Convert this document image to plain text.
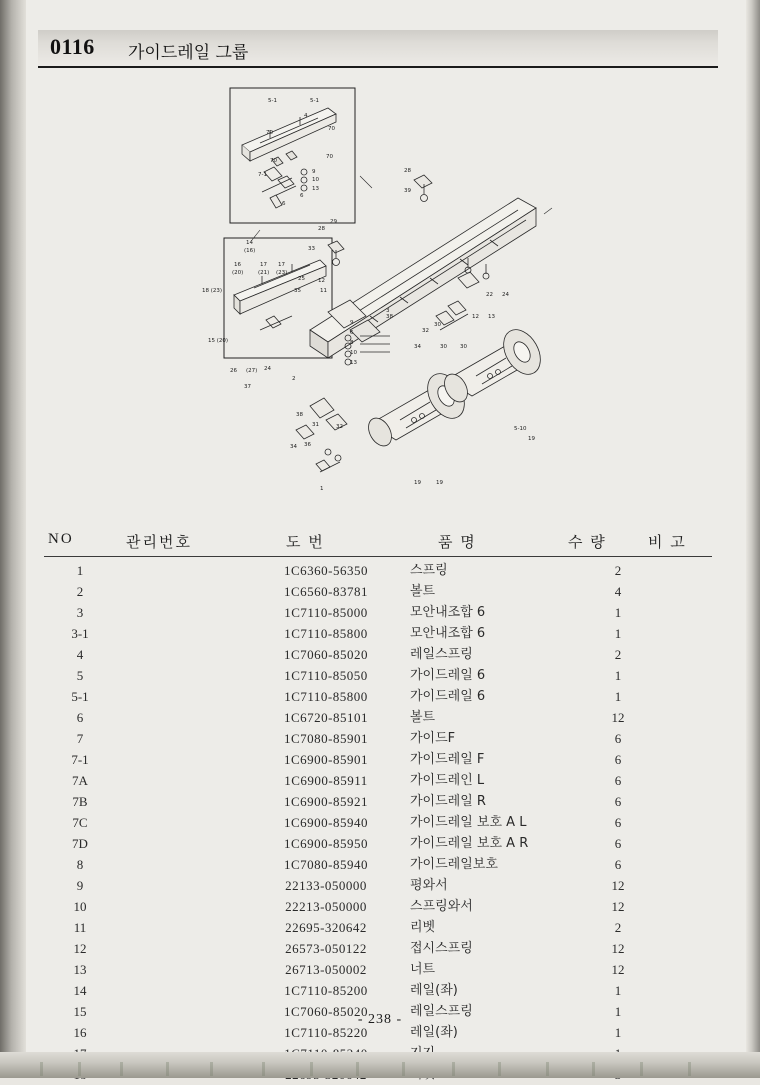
0116 가이드레일 그룹
5-1	5-1
4
70
70
70
70
7-1
6
9
10
13
6
28
39
28
33
29
14
(16)
16	17
(20)	(21)
17
(23)
18 (23)
15 (20)
12
11
25
35
3
9
6
8
10
13
26 (27) 24
37
2
38
30
34	30 30
32
12 13
22 24
38
31	32
34 36
5-10
19
19	19
1
NO	관리번호	도 번	품 명	수 량	비 고
1		1C6360-56350	스프링	2	
2		1C6560-83781	볼트	4	
3		1C7110-85000	모안내조합 6	1	
3-1		1C7110-85800	모안내조합 6	1	
4		1C7060-85020	레일스프링	2	
5		1C7110-85050	가이드레일 6	1	
5-1		1C7110-85800	가이드레일 6	1	
6		1C6720-85101	볼트	12	
7		1C7080-85901	가이드F	6	
7-1		1C6900-85901	가이드레일 F	6	
7A		1C6900-85911	가이드레인 L	6	
7B		1C6900-85921	가이드레일 R	6	
7C		1C6900-85940	가이드레일 보호 A L	6	
7D		1C6900-85950	가이드레일 보호 A R	6	
8		1C7080-85940	가이드레일보호	6	
9		22133-050000	평와서	12	
10		22213-050000	스프링와서	12	
11		22695-320642	리벳	2	
12		26573-050122	접시스프링	12	
13		26713-050002	너트	12	
14		1C7110-85200	레일(좌)	1	
15		1C7060-85020	레일스프링	1	
16		1C7110-85220	레일(좌)	1	

- 238 -
